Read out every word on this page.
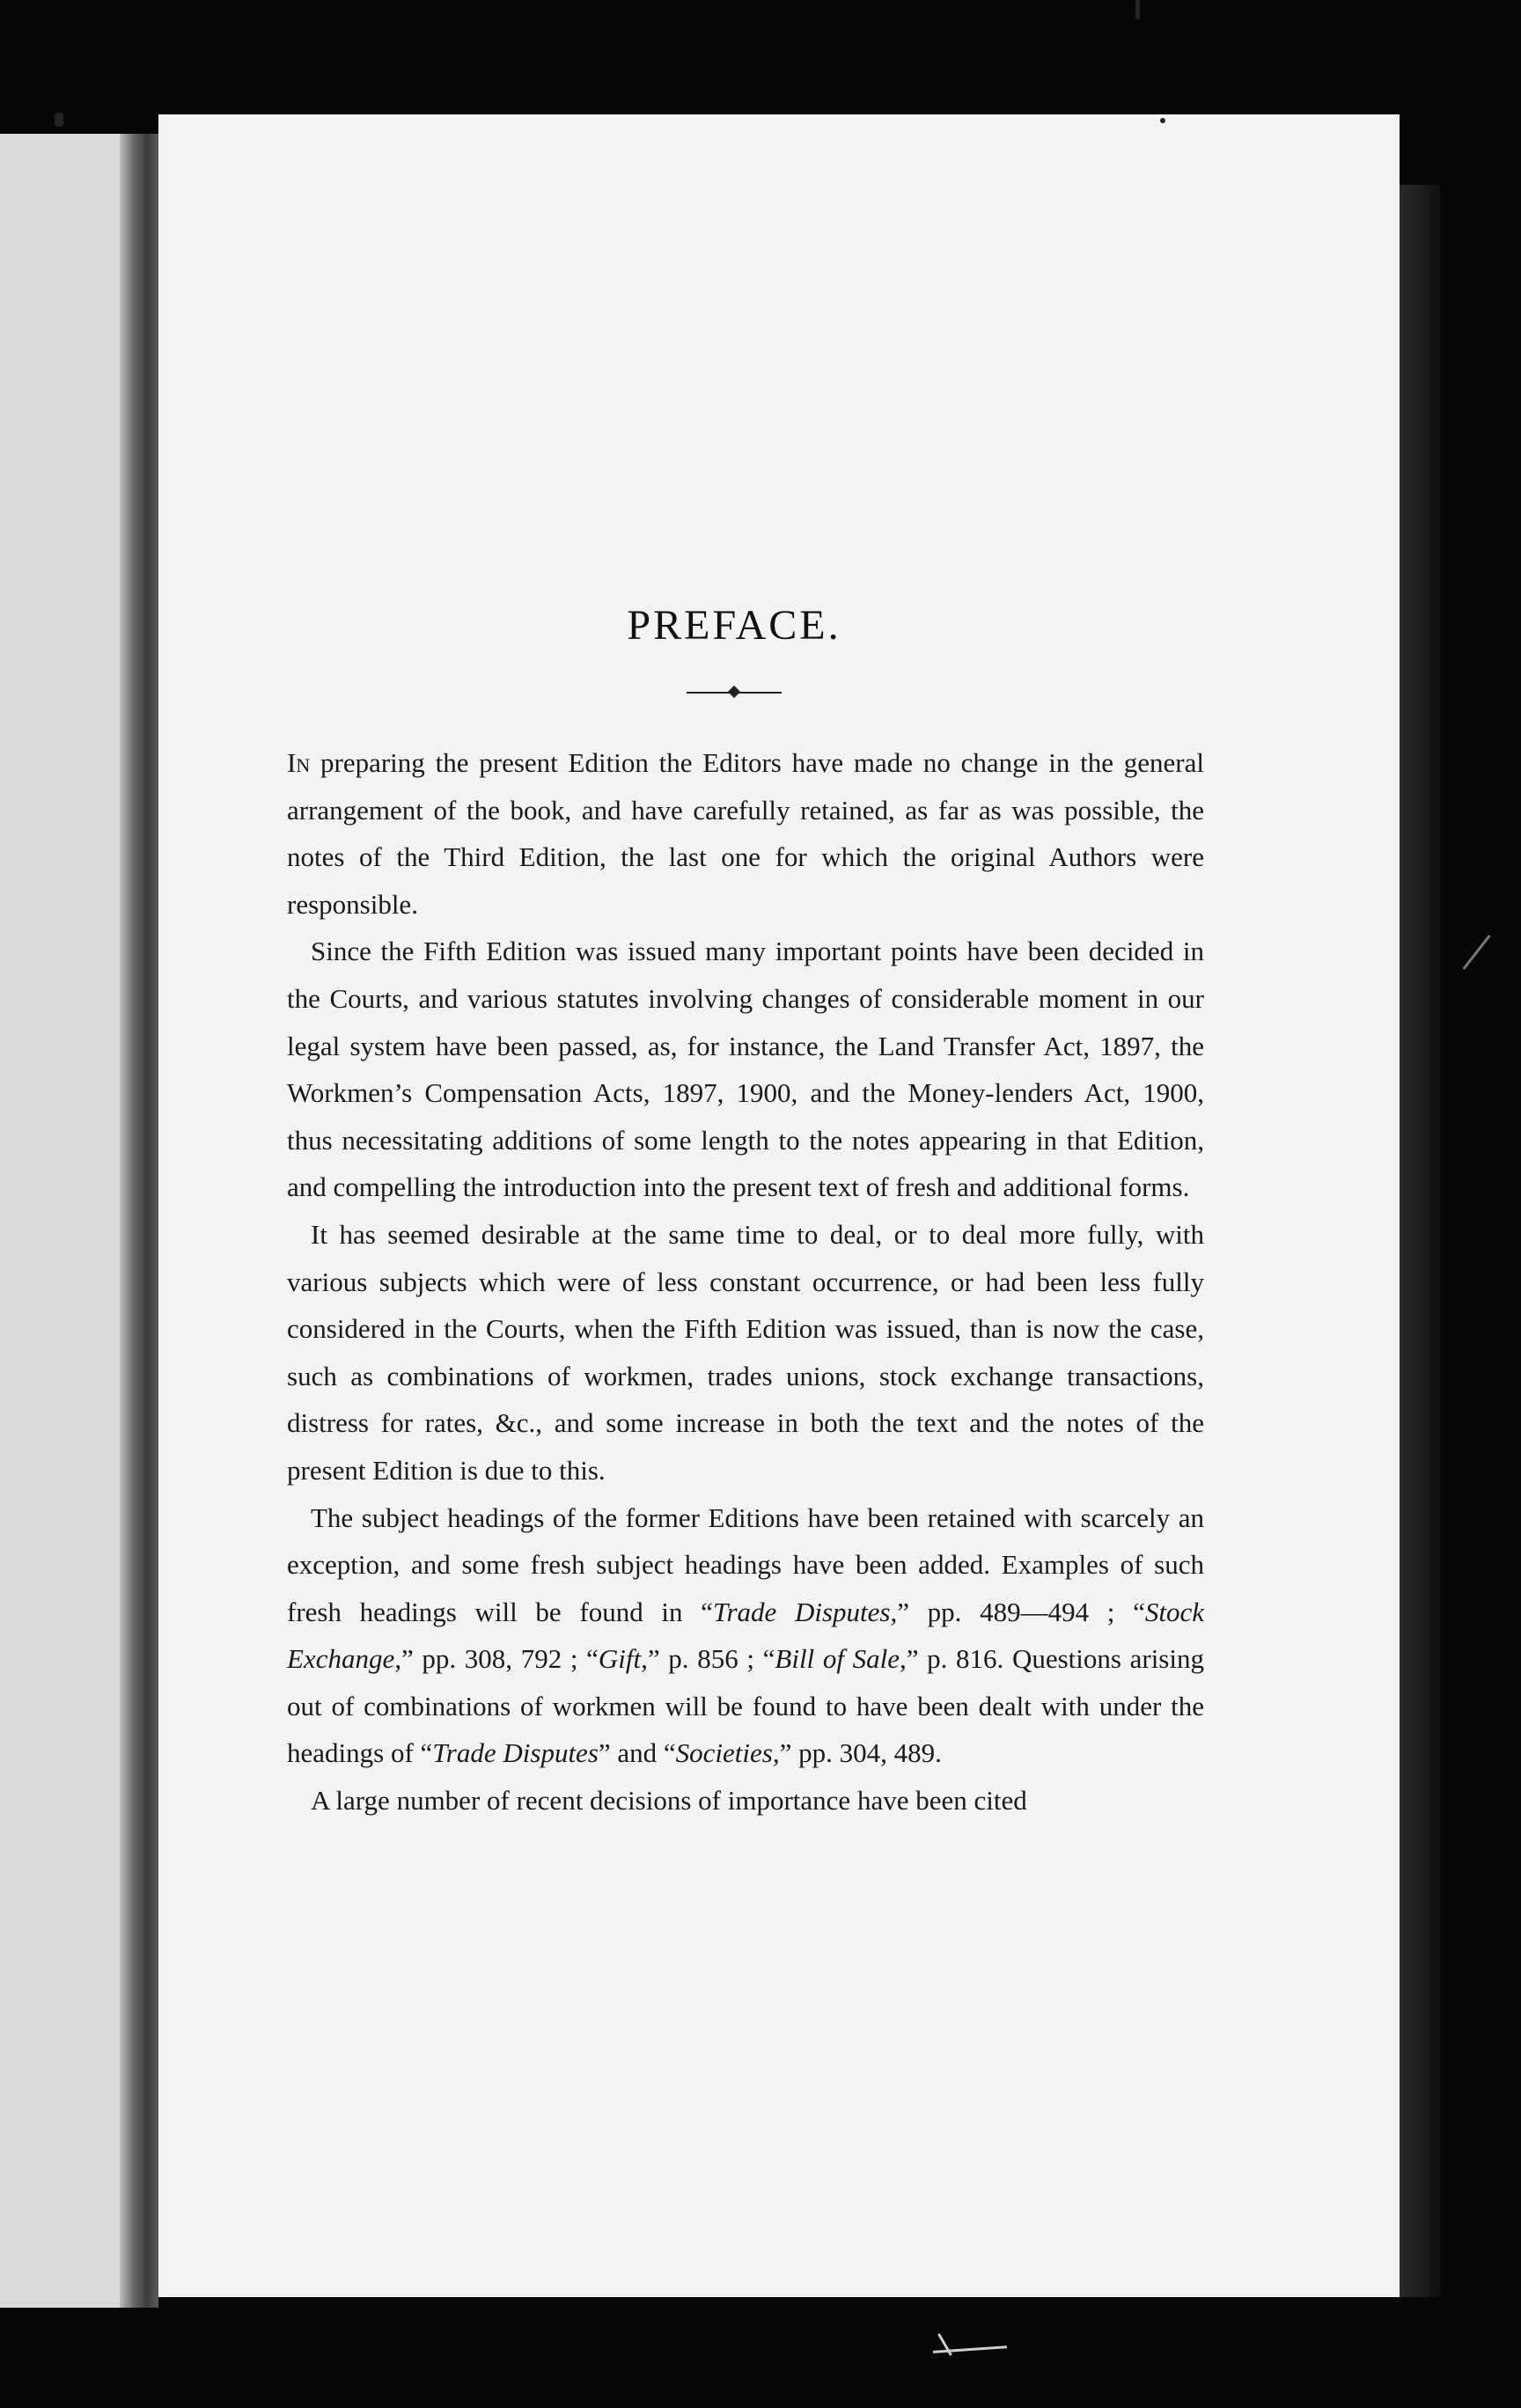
PREFACE.

In preparing the present Edition the Editors have made no change in the general arrangement of the book, and have carefully retained, as far as was possible, the notes of the Third Edition, the last one for which the original Authors were responsible.

Since the Fifth Edition was issued many important points have been decided in the Courts, and various statutes involving changes of considerable moment in our legal system have been passed, as, for instance, the Land Transfer Act, 1897, the Workmen’s Compensation Acts, 1897, 1900, and the Money-lenders Act, 1900, thus necessitating additions of some length to the notes appearing in that Edition, and compelling the introduction into the present text of fresh and additional forms.

It has seemed desirable at the same time to deal, or to deal more fully, with various subjects which were of less constant occurrence, or had been less fully considered in the Courts, when the Fifth Edition was issued, than is now the case, such as combinations of workmen, trades unions, stock exchange transactions, distress for rates, &c., and some increase in both the text and the notes of the present Edition is due to this.

The subject headings of the former Editions have been retained with scarcely an exception, and some fresh subject headings have been added. Examples of such fresh headings will be found in “Trade Disputes,” pp. 489—494 ; “Stock Exchange,” pp. 308, 792 ; “Gift,” p. 856 ; “Bill of Sale,” p. 816. Questions arising out of combinations of workmen will be found to have been dealt with under the headings of “Trade Disputes” and “Societies,” pp. 304, 489.

A large number of recent decisions of importance have been cited
